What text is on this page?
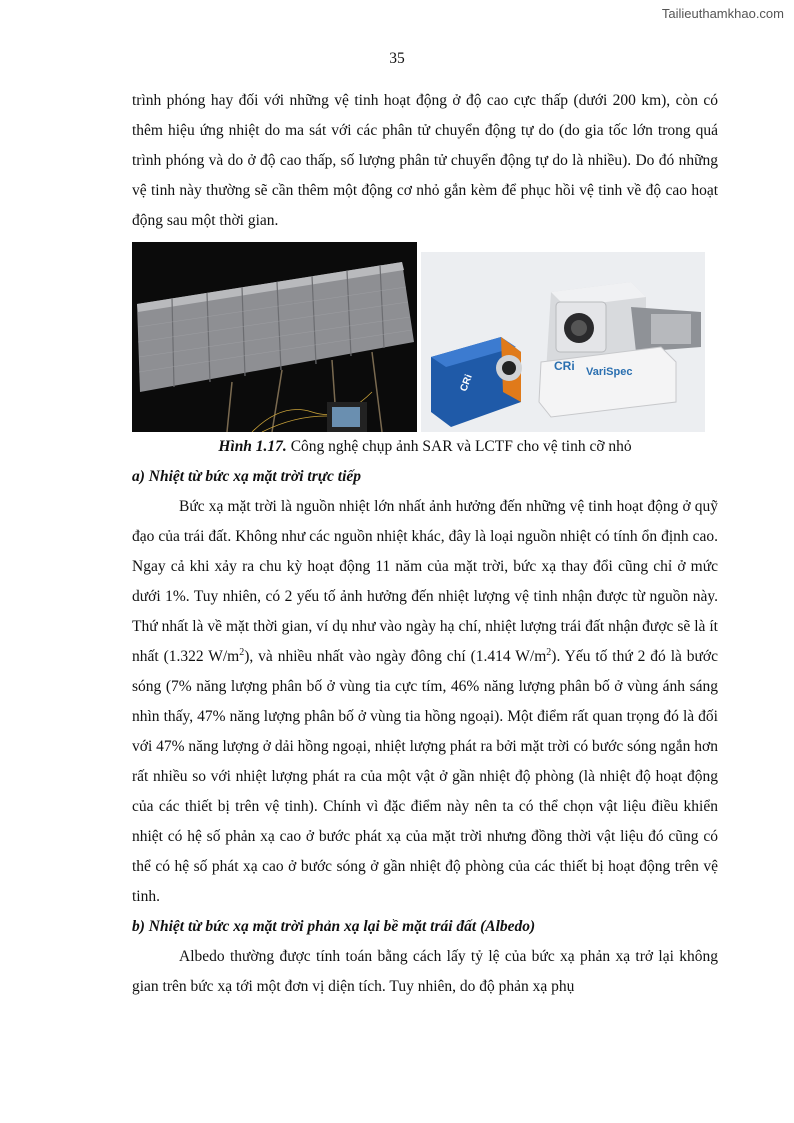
Tailieuthamkhao.com
35

trình phóng hay đối với những vệ tinh hoạt động ở độ cao cực thấp (dưới 200 km), còn có thêm hiệu ứng nhiệt do ma sát với các phân tử chuyển động tự do (do gia tốc lớn trong quá trình phóng và do ở độ cao thấp, số lượng phân tử chuyển động tự do là nhiều). Do đó những vệ tinh này thường sẽ cần thêm một động cơ nhỏ gắn kèm để phục hồi vệ tinh về độ cao hoạt động sau một thời gian.

VariSpec
CRi
CRi
Hình 1.17. Công nghệ chụp ảnh SAR và LCTF cho vệ tinh cỡ nhỏ
a) Nhiệt từ bức xạ mặt trời trực tiếp

Bức xạ mặt trời là nguồn nhiệt lớn nhất ảnh hưởng đến những vệ tinh hoạt động ở quỹ đạo của trái đất. Không như các nguồn nhiệt khác, đây là loại nguồn nhiệt có tính ổn định cao. Ngay cả khi xảy ra chu kỳ hoạt động 11 năm của mặt trời, bức xạ thay đổi cũng chỉ ở mức dưới 1%. Tuy nhiên, có 2 yếu tố ảnh hưởng đến nhiệt lượng vệ tinh nhận được từ nguồn này. Thứ nhất là về mặt thời gian, ví dụ như vào ngày hạ chí, nhiệt lượng trái đất nhận được sẽ là ít nhất (1.322 $W/m^2$), và nhiều nhất vào ngày đông chí (1.414 $W/m^2$). Yếu tố thứ 2 đó là bước sóng (7% năng lượng phân bố ở vùng tia cực tím, 46% năng lượng phân bố ở vùng ánh sáng nhìn thấy, 47% năng lượng phân bố ở vùng tia hồng ngoại). Một điểm rất quan trọng đó là đối với 47% năng lượng ở dải hồng ngoại, nhiệt lượng phát ra bởi mặt trời có bước sóng ngắn hơn rất nhiều so với nhiệt lượng phát ra của một vật ở gần nhiệt độ phòng (là nhiệt độ hoạt động của các thiết bị trên vệ tinh). Chính vì đặc điểm này nên ta có thể chọn vật liệu điều khiển nhiệt có hệ số phản xạ cao ở bước phát xạ của mặt trời nhưng đồng thời vật liệu đó cũng có thể có hệ số phát xạ cao ở bước sóng ở gần nhiệt độ phòng của các thiết bị hoạt động trên vệ tinh.

b) Nhiệt từ bức xạ mặt trời phản xạ lại bề mặt trái đất (Albedo)

Albedo thường được tính toán bằng cách lấy tỷ lệ của bức xạ phản xạ trở lại không gian trên bức xạ tới một đơn vị diện tích. Tuy nhiên, do độ phản xạ phụ
